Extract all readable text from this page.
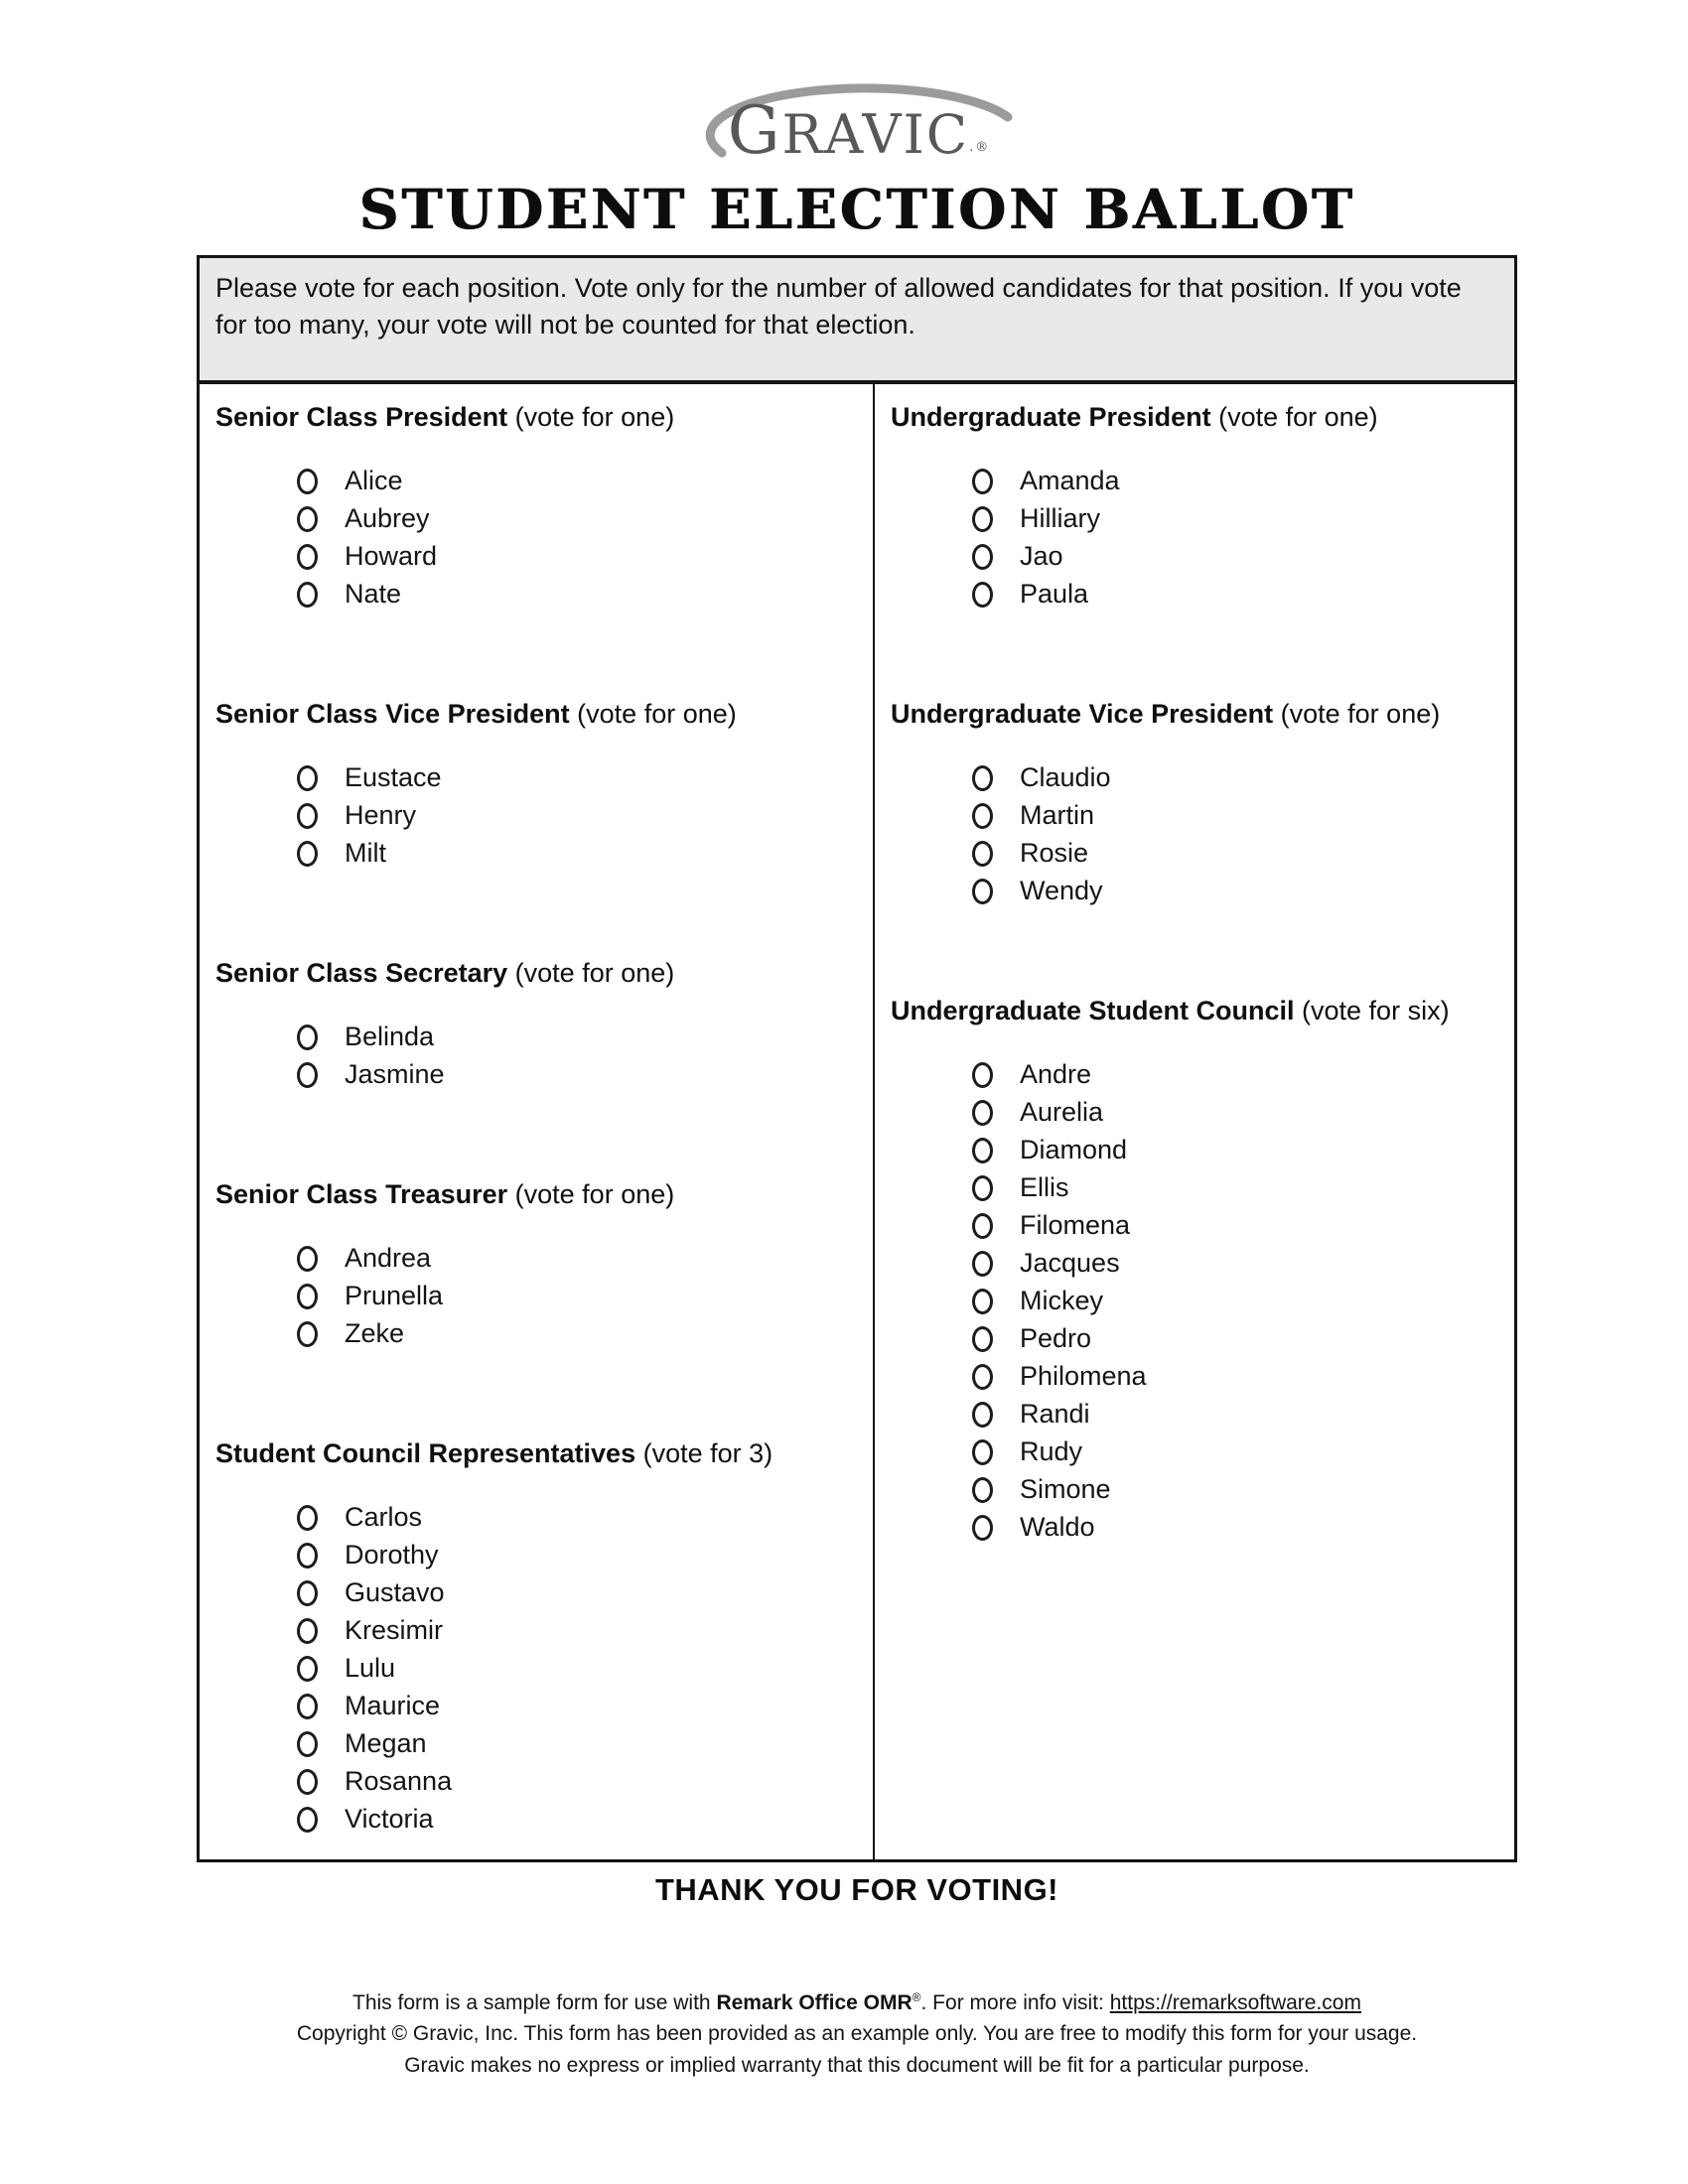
GRAVIC.®
STUDENT ELECTION BALLOT
Please vote for each position. Vote only for the number of allowed candidates for that position. If you vote for too many, your vote will not be counted for that election.
Senior Class President (vote for one)
Alice
Aubrey
Howard
Nate
Senior Class Vice President (vote for one)
Eustace
Henry
Milt
Senior Class Secretary (vote for one)
Belinda
Jasmine
Senior Class Treasurer (vote for one)
Andrea
Prunella
Zeke
Student Council Representatives (vote for 3)
Carlos
Dorothy
Gustavo
Kresimir
Lulu
Maurice
Megan
Rosanna
Victoria
Undergraduate President (vote for one)
Amanda
Hilliary
Jao
Paula
Undergraduate Vice President (vote for one)
Claudio
Martin
Rosie
Wendy
Undergraduate Student Council (vote for six)
Andre
Aurelia
Diamond
Ellis
Filomena
Jacques
Mickey
Pedro
Philomena
Randi
Rudy
Simone
Waldo
THANK YOU FOR VOTING!
This form is a sample form for use with Remark Office OMR®. For more info visit: https://remarksoftware.com
Copyright © Gravic, Inc. This form has been provided as an example only. You are free to modify this form for your usage.
Gravic makes no express or implied warranty that this document will be fit for a particular purpose.
